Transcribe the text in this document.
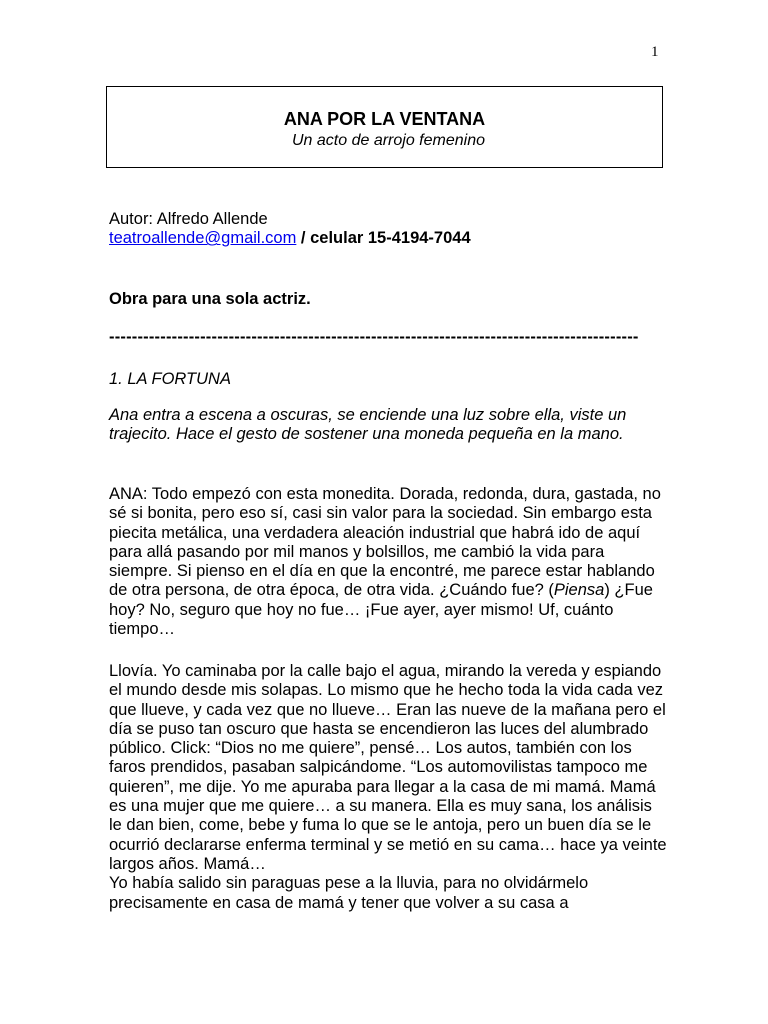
1
ANA POR LA VENTANA
Un acto de arrojo femenino
Autor: Alfredo Allende
teatroallende@gmail.com / celular 15-4194-7044
Obra para una sola actriz.
---------------------------------------------------------------------------------------------
1. LA FORTUNA
Ana entra a escena a oscuras, se enciende una luz sobre ella, viste un trajecito. Hace el gesto de sostener una moneda pequeña en la mano.

ANA: Todo empezó con esta monedita. Dorada, redonda, dura, gastada, no sé si bonita, pero eso sí, casi sin valor para la sociedad. Sin embargo esta piecita metálica, una verdadera aleación industrial que habrá ido de aquí para allá pasando por mil manos y bolsillos, me cambió la vida para siempre. Si pienso en el día en que la encontré, me parece estar hablando de otra persona, de otra época, de otra vida. ¿Cuándo fue? (Piensa) ¿Fue hoy? No, seguro que hoy no fue… ¡Fue ayer, ayer mismo! Uf, cuánto tiempo…

Llovía. Yo caminaba por la calle bajo el agua, mirando la vereda y espiando el mundo desde mis solapas. Lo mismo que he hecho toda la vida cada vez que llueve, y cada vez que no llueve… Eran las nueve de la mañana pero el día se puso tan oscuro que hasta se encendieron las luces del alumbrado público. Click: “Dios no me quiere”, pensé… Los autos, también con los faros prendidos, pasaban salpicándome. “Los automovilistas tampoco me quieren”, me dije. Yo me apuraba para llegar a la casa de mi mamá. Mamá es una mujer que me quiere… a su manera. Ella es muy sana, los análisis le dan bien, come, bebe y fuma lo que se le antoja, pero un buen día se le ocurrió declararse enferma terminal y se metió en su cama… hace ya veinte largos años. Mamá…

Yo había salido sin paraguas pese a la lluvia, para no olvidármelo precisamente en casa de mamá y tener que volver a su casa a
